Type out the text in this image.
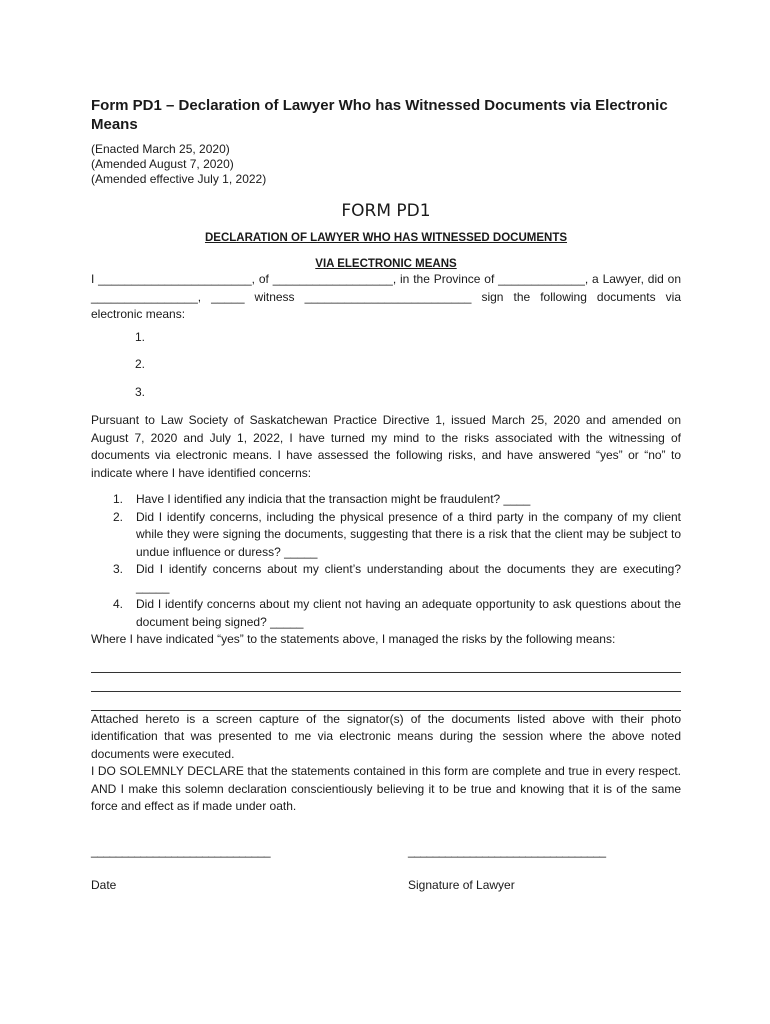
Form PD1 – Declaration of Lawyer Who has Witnessed Documents via Electronic Means
(Enacted March 25, 2020)
(Amended August 7, 2020)
(Amended effective July 1, 2022)
FORM PD1
DECLARATION OF LAWYER WHO HAS WITNESSED DOCUMENTS
VIA ELECTRONIC MEANS

I _______________________, of __________________, in the Province of _____________, a Lawyer, did on ________________, _____ witness _________________________ sign the following documents via electronic means:

1.
2.
3.

Pursuant to Law Society of Saskatchewan Practice Directive 1, issued March 25, 2020 and amended on August 7, 2020 and July 1, 2022, I have turned my mind to the risks associated with the witnessing of documents via electronic means. I have assessed the following risks, and have answered “yes” or “no” to indicate where I have identified concerns:

1. Have I identified any indicia that the transaction might be fraudulent? ____
2. Did I identify concerns, including the physical presence of a third party in the company of my client while they were signing the documents, suggesting that there is a risk that the client may be subject to undue influence or duress? _____
3. Did I identify concerns about my client’s understanding about the documents they are executing? _____
4. Did I identify concerns about my client not having an adequate opportunity to ask questions about the document being signed? _____

Where I have indicated “yes” to the statements above, I managed the risks by the following means:

Attached hereto is a screen capture of the signator(s) of the documents listed above with their photo identification that was presented to me via electronic means during the session where the above noted documents were executed.

I DO SOLEMNLY DECLARE that the statements contained in this form are complete and true in every respect. AND I make this solemn declaration conscientiously believing it to be true and knowing that it is of the same force and effect as if made under oath.

_____________________________	________________________________
Date	Signature of Lawyer
